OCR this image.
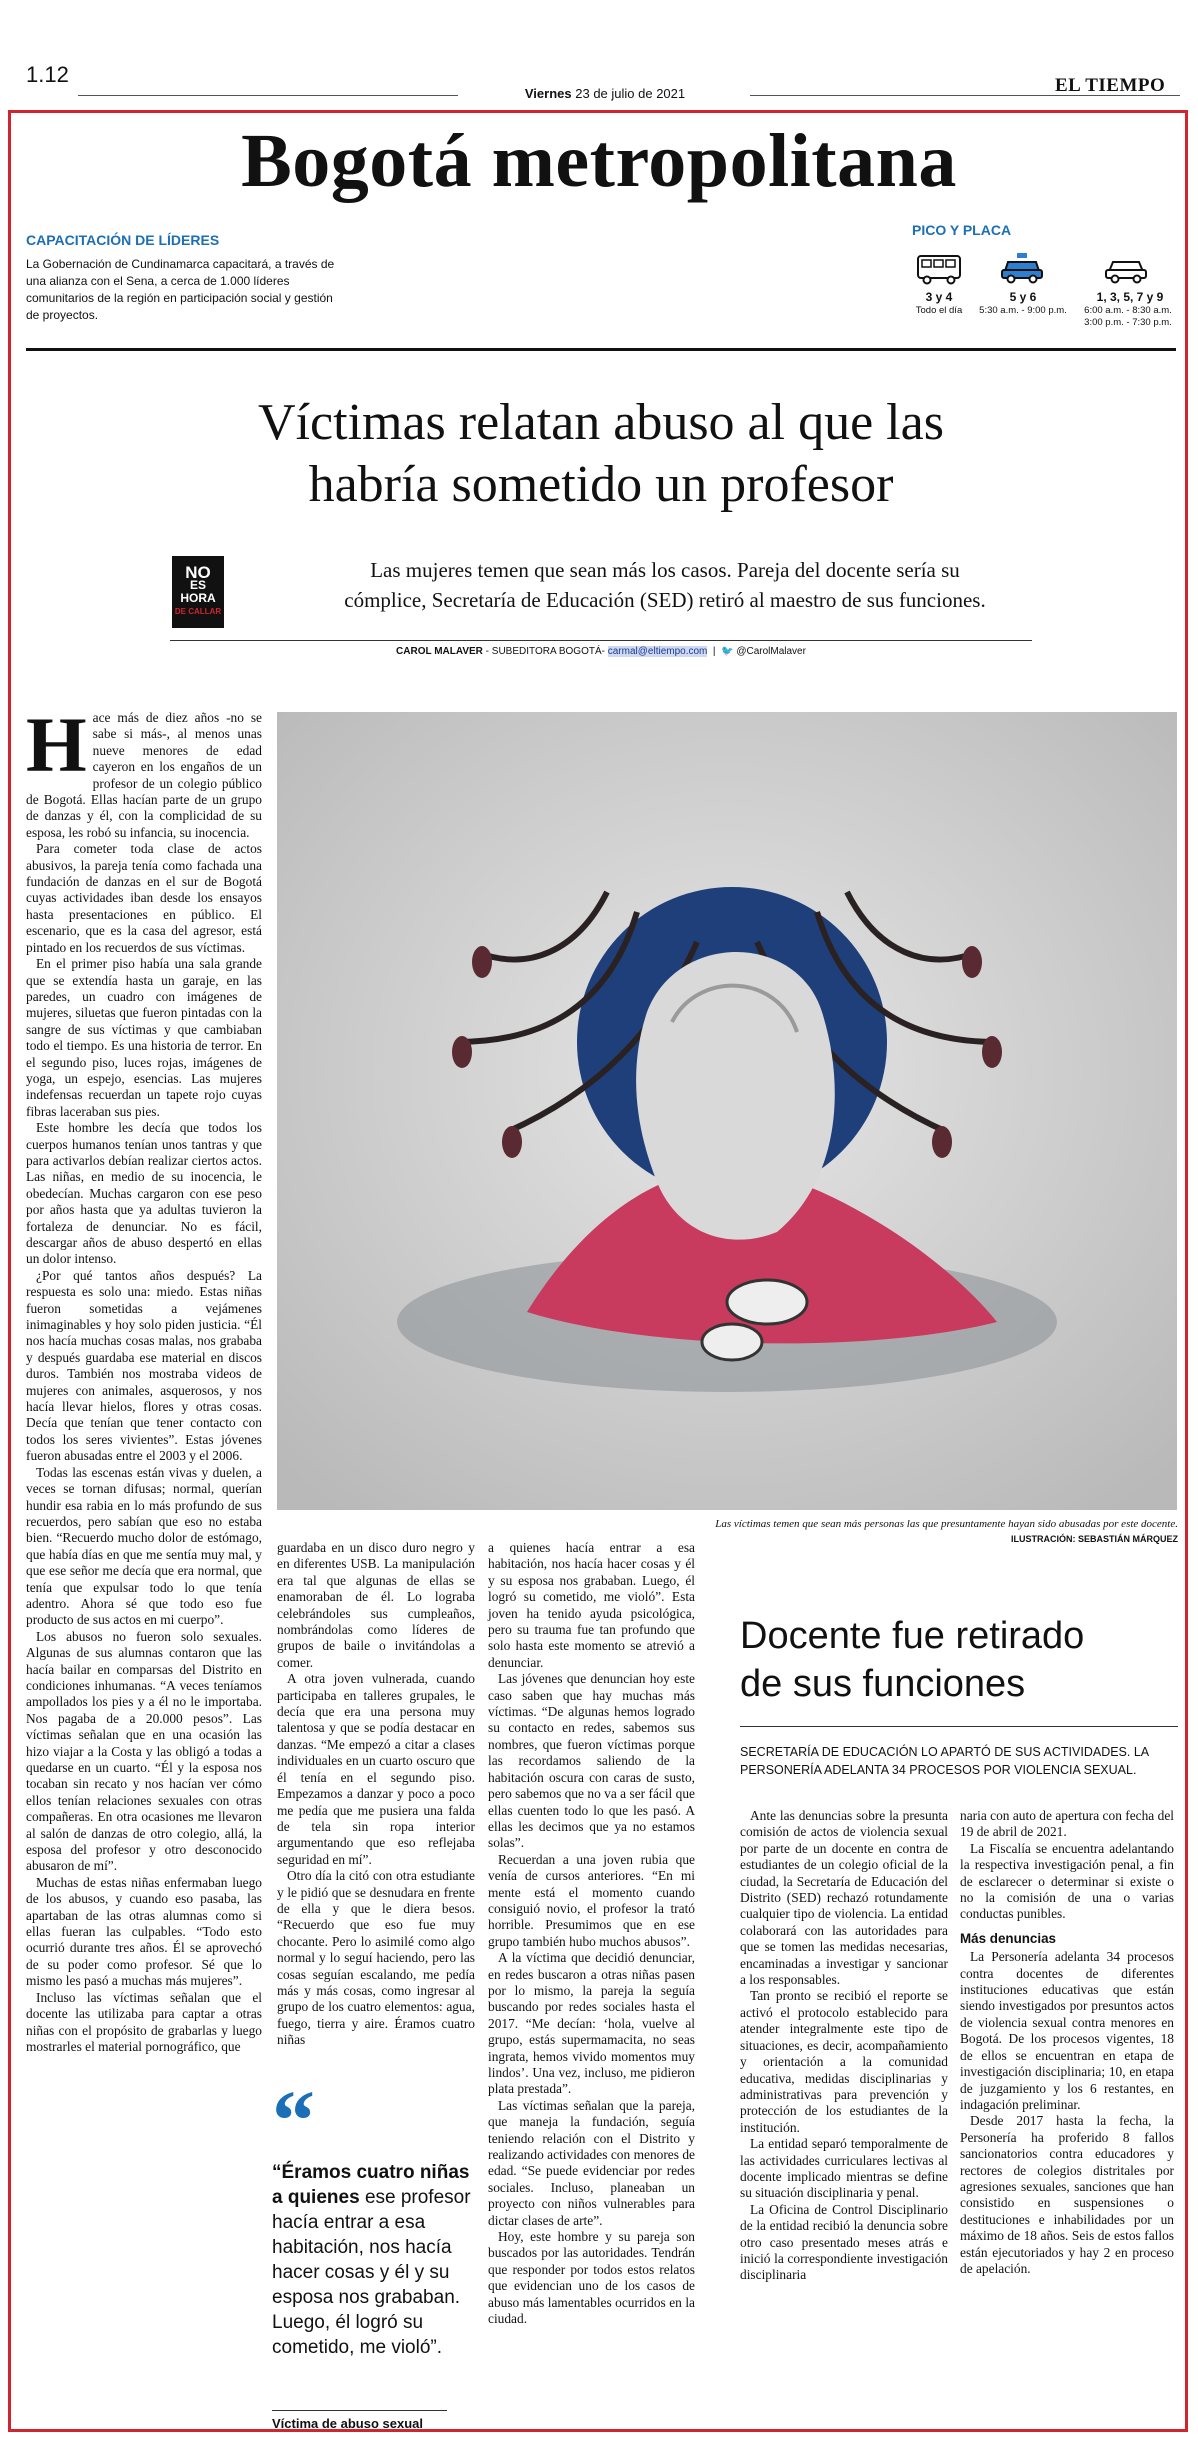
1.12
Viernes 23 de julio de 2021	EL TIEMPO
Bogotá metropolitana
CAPACITACIÓN DE LÍDERES
La Gobernación de Cundinamarca capacitará, a través de una alianza con el Sena, a cerca de 1.000 líderes comunitarios de la región en participación social y gestión de proyectos.
PICO Y PLACA
3 y 4
Todo el día
5 y 6
5:30 a.m. - 9:00 p.m.
1, 3, 5, 7 y 9
6:00 a.m. - 8:30 a.m.
3:00 p.m. - 7:30 p.m.
Víctimas relatan abuso al que las
habría sometido un profesor
NO
ES HORA
DE CALLAR
Las mujeres temen que sean más los casos. Pareja del docente sería su
cómplice, Secretaría de Educación (SED) retiró al maestro de sus funciones.
CAROL MALAVER - SUBEDITORA BOGOTÁ- carmal@eltiempo.com  |  🐦 @CarolMalaver
Las víctimas temen que sean más personas las que presuntamente hayan sido abusadas por este docente. ILUSTRACIÓN: SEBASTIÁN MÁRQUEZ

Hace más de diez años -no se sabe si más-, al menos unas nueve menores de edad cayeron en los engaños de un profesor de un colegio público de Bogotá. Ellas hacían parte de un grupo de danzas y él, con la complicidad de su esposa, les robó su infancia, su inocencia.

Para cometer toda clase de actos abusivos, la pareja tenía como fachada una fundación de danzas en el sur de Bogotá cuyas actividades iban desde los ensayos hasta presentaciones en público. El escenario, que es la casa del agresor, está pintado en los recuerdos de sus víctimas.

En el primer piso había una sala grande que se extendía hasta un garaje, en las paredes, un cuadro con imágenes de mujeres, siluetas que fueron pintadas con la sangre de sus víctimas y que cambiaban todo el tiempo. Es una historia de terror. En el segundo piso, luces rojas, imágenes de yoga, un espejo, esencias. Las mujeres indefensas recuerdan un tapete rojo cuyas fibras laceraban sus pies.

Este hombre les decía que todos los cuerpos humanos tenían unos tantras y que para activarlos debían realizar ciertos actos. Las niñas, en medio de su inocencia, le obedecían. Muchas cargaron con ese peso por años hasta que ya adultas tuvieron la fortaleza de denunciar. No es fácil, descargar años de abuso despertó en ellas un dolor intenso.

¿Por qué tantos años después? La respuesta es solo una: miedo. Estas niñas fueron sometidas a vejámenes inimaginables y hoy solo piden justicia. “Él nos hacía muchas cosas malas, nos grababa y después guardaba ese material en discos duros. También nos mostraba videos de mujeres con animales, asquerosos, y nos hacía llevar hielos, flores y otras cosas. Decía que tenían que tener contacto con todos los seres vivientes”. Estas jóvenes fueron abusadas entre el 2003 y el 2006.

Todas las escenas están vivas y duelen, a veces se tornan difusas; normal, querían hundir esa rabia en lo más profundo de sus recuerdos, pero sabían que eso no estaba bien. “Recuerdo mucho dolor de estómago, que había días en que me sentía muy mal, y que ese señor me decía que era normal, que tenía que expulsar todo lo que tenía adentro. Ahora sé que todo eso fue producto de sus actos en mi cuerpo”.

Los abusos no fueron solo sexuales. Algunas de sus alumnas contaron que las hacía bailar en comparsas del Distrito en condiciones inhumanas. “A veces teníamos ampollados los pies y a él no le importaba. Nos pagaba de a 20.000 pesos”. Las víctimas señalan que en una ocasión las hizo viajar a la Costa y las obligó a todas a quedarse en un cuarto. “Él y la esposa nos tocaban sin recato y nos hacían ver cómo ellos tenían relaciones sexuales con otras compañeras. En otra ocasiones me llevaron al salón de danzas de otro colegio, allá, la esposa del profesor y otro desconocido abusaron de mí”.

Muchas de estas niñas enfermaban luego de los abusos, y cuando eso pasaba, las apartaban de las otras alumnas como si ellas fueran las culpables. “Todo esto ocurrió durante tres años. Él se aprovechó de su poder como profesor. Sé que lo mismo les pasó a muchas más mujeres”.

Incluso las víctimas señalan que el docente las utilizaba para captar a otras niñas con el propósito de grabarlas y luego mostrarles el material pornográfico, que

guardaba en un disco duro negro y en diferentes USB. La manipulación era tal que algunas de ellas se enamoraban de él. Lo lograba celebrándoles sus cumpleaños, nombrándolas como líderes de grupos de baile o invitándolas a comer.

A otra joven vulnerada, cuando participaba en talleres grupales, le decía que era una persona muy talentosa y que se podía destacar en danzas. “Me empezó a citar a clases individuales en un cuarto oscuro que él tenía en el segundo piso. Empezamos a danzar y poco a poco me pedía que me pusiera una falda de tela sin ropa interior argumentando que eso reflejaba seguridad en mí”.

Otro día la citó con otra estudiante y le pidió que se desnudara en frente de ella y que le diera besos. “Recuerdo que eso fue muy chocante. Pero lo asimilé como algo normal y lo seguí haciendo, pero las cosas seguían escalando, me pedía más y más cosas, como ingresar al grupo de los cuatro elementos: agua, fuego, tierra y aire. Éramos cuatro niñas

“
“Éramos cuatro niñas a quienes ese profesor hacía entrar a esa habitación, nos hacía hacer cosas y él y su esposa nos grababan. Luego, él logró su cometido, me violó”.
Víctima de abuso sexual

a quienes hacía entrar a esa habitación, nos hacía hacer cosas y él y su esposa nos grababan. Luego, él logró su cometido, me violó”. Esta joven ha tenido ayuda psicológica, pero su trauma fue tan profundo que solo hasta este momento se atrevió a denunciar.

Las jóvenes que denuncian hoy este caso saben que hay muchas más víctimas. “De algunas hemos logrado su contacto en redes, sabemos sus nombres, que fueron víctimas porque las recordamos saliendo de la habitación oscura con caras de susto, pero sabemos que no va a ser fácil que ellas cuenten todo lo que les pasó. A ellas les decimos que ya no estamos solas”.

Recuerdan a una joven rubia que venía de cursos anteriores. “En mi mente está el momento cuando consiguió novio, el profesor la trató horrible. Presumimos que en ese grupo también hubo muchos abusos”.

A la víctima que decidió denunciar, en redes buscaron a otras niñas pasen por lo mismo, la pareja la seguía buscando por redes sociales hasta el 2017. “Me decían: ‘hola, vuelve al grupo, estás supermamacita, no seas ingrata, hemos vivido momentos muy lindos’. Una vez, incluso, me pidieron plata prestada”.

Las víctimas señalan que la pareja, que maneja la fundación, seguía teniendo relación con el Distrito y realizando actividades con menores de edad. “Se puede evidenciar por redes sociales. Incluso, planeaban un proyecto con niños vulnerables para dictar clases de arte”.

Hoy, este hombre y su pareja son buscados por las autoridades. Tendrán que responder por todos estos relatos que evidencian uno de los casos de abuso más lamentables ocurridos en la ciudad.

Docente fue retirado
de sus funciones
SECRETARÍA DE EDUCACIÓN LO APARTÓ DE SUS ACTIVIDADES. LA PERSONERÍA ADELANTA 34 PROCESOS POR VIOLENCIA SEXUAL.

Ante las denuncias sobre la presunta comisión de actos de violencia sexual por parte de un docente en contra de estudiantes de un colegio oficial de la ciudad, la Secretaría de Educación del Distrito (SED) rechazó rotundamente cualquier tipo de violencia. La entidad colaborará con las autoridades para que se tomen las medidas necesarias, encaminadas a investigar y sancionar a los responsables.

Tan pronto se recibió el reporte se activó el protocolo establecido para atender integralmente este tipo de situaciones, es decir, acompañamiento y orientación a la comunidad educativa, medidas disciplinarias y administrativas para prevención y protección de los estudiantes de la institución.

La entidad separó temporalmente de las actividades curriculares lectivas al docente implicado mientras se define su situación disciplinaria y penal.

La Oficina de Control Disciplinario de la entidad recibió la denuncia sobre otro caso presentado meses atrás e inició la correspondiente investigación disciplinaria

naria con auto de apertura con fecha del 19 de abril de 2021.

La Fiscalía se encuentra adelantando la respectiva investigación penal, a fin de esclarecer o determinar si existe o no la comisión de una o varias conductas punibles.

Más denuncias

La Personería adelanta 34 procesos contra docentes de diferentes instituciones educativas que están siendo investigados por presuntos actos de violencia sexual contra menores en Bogotá. De los procesos vigentes, 18 de ellos se encuentran en etapa de investigación disciplinaria; 10, en etapa de juzgamiento y los 6 restantes, en indagación preliminar.

Desde 2017 hasta la fecha, la Personería ha proferido 8 fallos sancionatorios contra educadores y rectores de colegios distritales por agresiones sexuales, sanciones que han consistido en suspensiones o destituciones e inhabilidades por un máximo de 18 años. Seis de estos fallos están ejecutoriados y hay 2 en proceso de apelación.
